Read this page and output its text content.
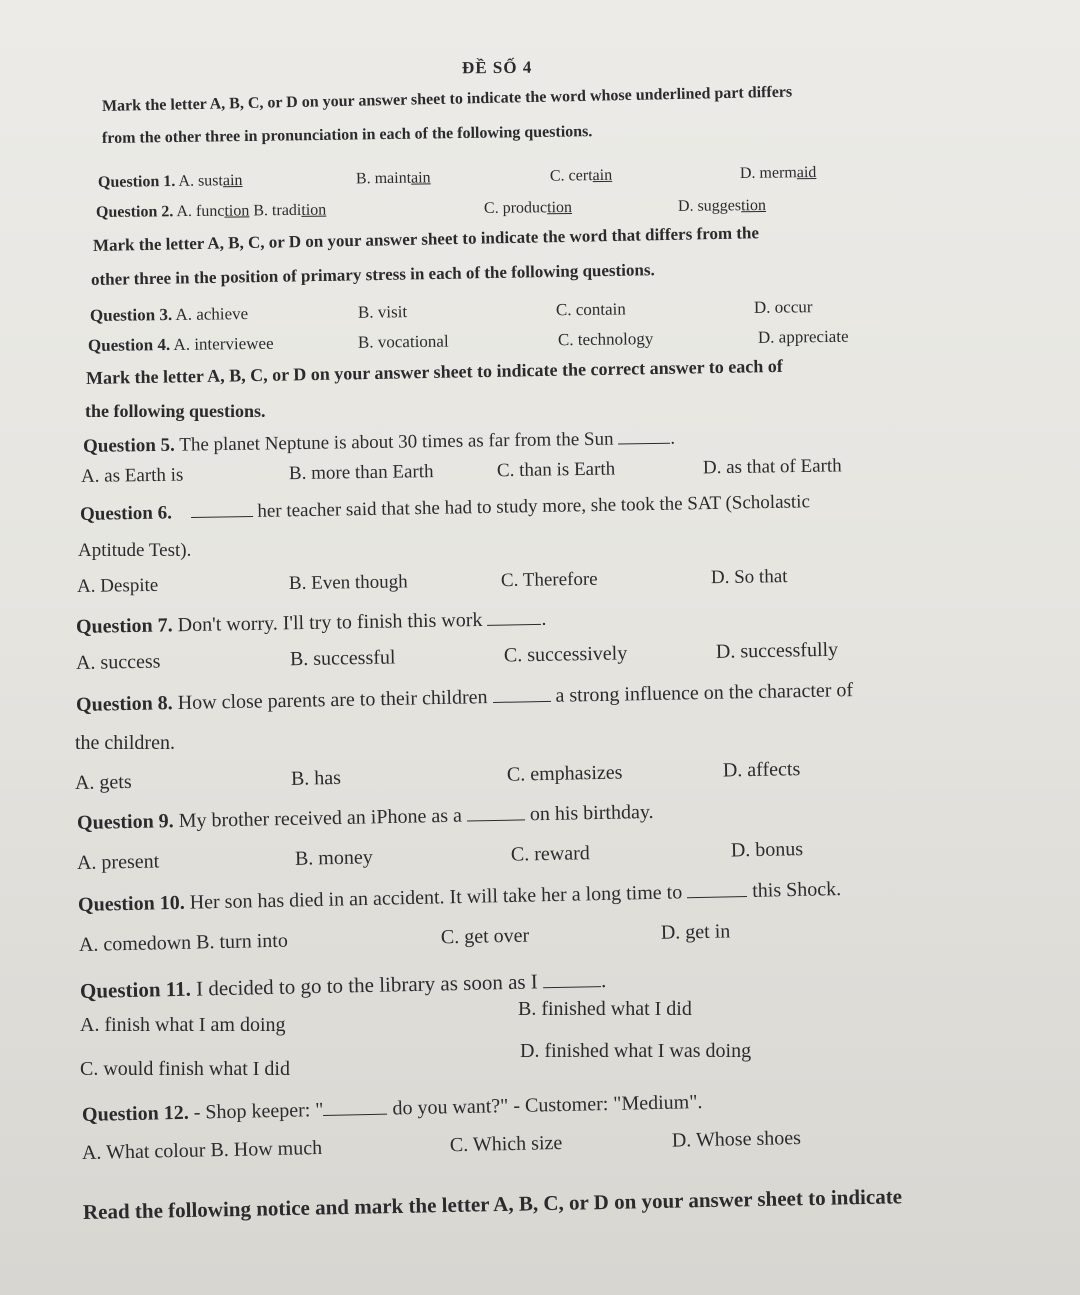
ĐỀ SỐ 4
Mark the letter A, B, C, or D on your answer sheet to indicate the word whose underlined part differs
from the other three in pronunciation in each of the following questions.
Question 1. A. sustain	B. maintain	C. certain	D. mermaid
Question 2. A. function B. tradition	C. production	D. suggestion
Mark the letter A, B, C, or D on your answer sheet to indicate the word that differs from the
other three in the position of primary stress in each of the following questions.
Question 3. A. achieve	B. visit	C. contain	D. occur
Question 4. A. interviewee	B. vocational	C. technology	D. appreciate
Mark the letter A, B, C, or D on your answer sheet to indicate the correct answer to each of
the following questions.
Question 5. The planet Neptune is about 30 times as far from the Sun	.
A. as Earth is	B. more than Earth	C. than is Earth	D. as that of Earth
Question 6.	her teacher said that she had to study more, she took the SAT (Scholastic
Aptitude Test).
A. Despite	B. Even though	C. Therefore	D. So that
Question 7. Don't worry. I'll try to finish this work	.
A. success	B. successful	C. successively	D. successfully
Question 8. How close parents are to their children	a strong influence on the character of
the children.
A. gets	B. has	C. emphasizes	D. affects
Question 9. My brother received an iPhone as a	on his birthday.
A. present	B. money	C. reward	D. bonus
Question 10. Her son has died in an accident. It will take her a long time to	this Shock.
A. comedown B. turn into	C. get over	D. get in
Question 11. I decided to go to the library as soon as I	.
A. finish what I am doing
B. finished what I did
C. would finish what I did
D. finished what I was doing
Question 12. - Shop keeper: "	do you want?" - Customer: "Medium".
A. What colour B. How much	C. Which size	D. Whose shoes
Read the following notice and mark the letter A, B, C, or D on your answer sheet to indicate
